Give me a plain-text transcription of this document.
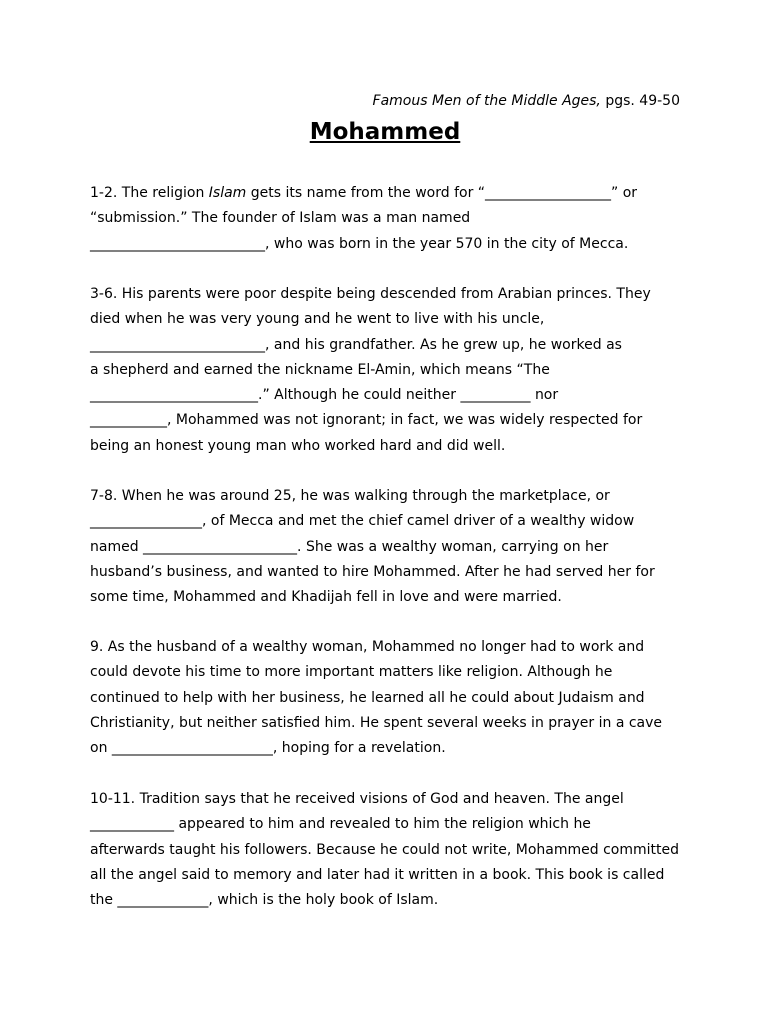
Famous Men of the Middle Ages, pgs. 49-50
Mohammed
1-2. The religion Islam gets its name from the word for “__________________” or
“submission.” The founder of Islam was a man named
_________________________, who was born in the year 570 in the city of Mecca.
3-6. His parents were poor despite being descended from Arabian princes. They
died when he was very young and he went to live with his uncle,
_________________________, and his grandfather. As he grew up, he worked as
a shepherd and earned the nickname El-Amin, which means “The
________________________.” Although he could neither __________ nor
___________, Mohammed was not ignorant; in fact, we was widely respected for
being an honest young man who worked hard and did well.
7-8. When he was around 25, he was walking through the marketplace, or
________________, of Mecca and met the chief camel driver of a wealthy widow
named ______________________. She was a wealthy woman, carrying on her
husband’s business, and wanted to hire Mohammed. After he had served her for
some time, Mohammed and Khadijah fell in love and were married.
9. As the husband of a wealthy woman, Mohammed no longer had to work and
could devote his time to more important matters like religion. Although he
continued to help with her business, he learned all he could about Judaism and
Christianity, but neither satisfied him. He spent several weeks in prayer in a cave
on _______________________, hoping for a revelation.
10-11. Tradition says that he received visions of God and heaven. The angel
____________ appeared to him and revealed to him the religion which he
afterwards taught his followers. Because he could not write, Mohammed committed
all the angel said to memory and later had it written in a book. This book is called
the _____________, which is the holy book of Islam.
